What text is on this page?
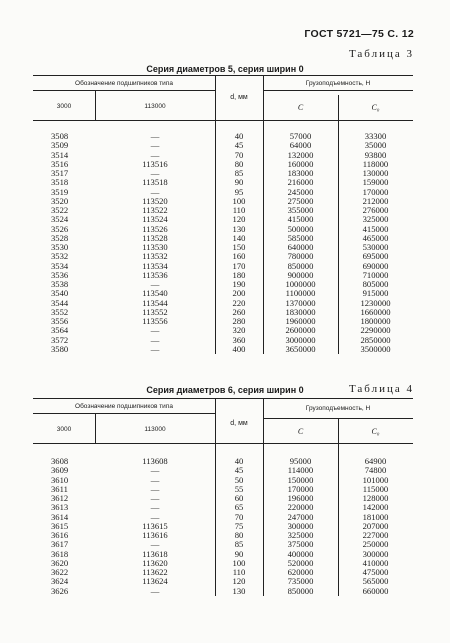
ГОСТ 5721—75 С. 12
Таблица 3
Серия диаметров 5, серия ширин 0
Обозначение подшипников типа
3000	113000
d, мм
Грузоподъемность, Н
C	C₀
3508	—	40	57000	33300
3509	—	45	64000	35000
3514	—	70	132000	93800
3516	113516	80	160000	118000
3517	—	85	183000	130000
3518	113518	90	216000	159000
3519	—	95	245000	170000
3520	113520	100	275000	212000
3522	113522	110	355000	276000
3524	113524	120	415000	325000
3526	113526	130	500000	415000
3528	113528	140	585000	465000
3530	113530	150	640000	530000
3532	113532	160	780000	695000
3534	113534	170	850000	690000
3536	113536	180	900000	710000
3538	—	190	1000000	805000
3540	113540	200	1100000	915000
3544	113544	220	1370000	1230000
3552	113552	260	1830000	1660000
3556	113556	280	1960000	1800000
3564	—	320	2600000	2290000
3572	—	360	3000000	2850000
3580	—	400	3650000	3500000
Таблица 4
Серия диаметров 6, серия ширин 0
Обозначение подшипников типа
3000	113000
d, мм
Грузоподъемность, Н
C	C₀
3608	113608	40	95000	64900
3609	—	45	114000	74800
3610	—	50	150000	101000
3611	—	55	170000	115000
3612	—	60	196000	128000
3613	—	65	220000	142000
3614	—	70	247000	181000
3615	113615	75	300000	207000
3616	113616	80	325000	227000
3617	—	85	375000	250000
3618	113618	90	400000	300000
3620	113620	100	520000	410000
3622	113622	110	620000	475000
3624	113624	120	735000	565000
3626	—	130	850000	660000
